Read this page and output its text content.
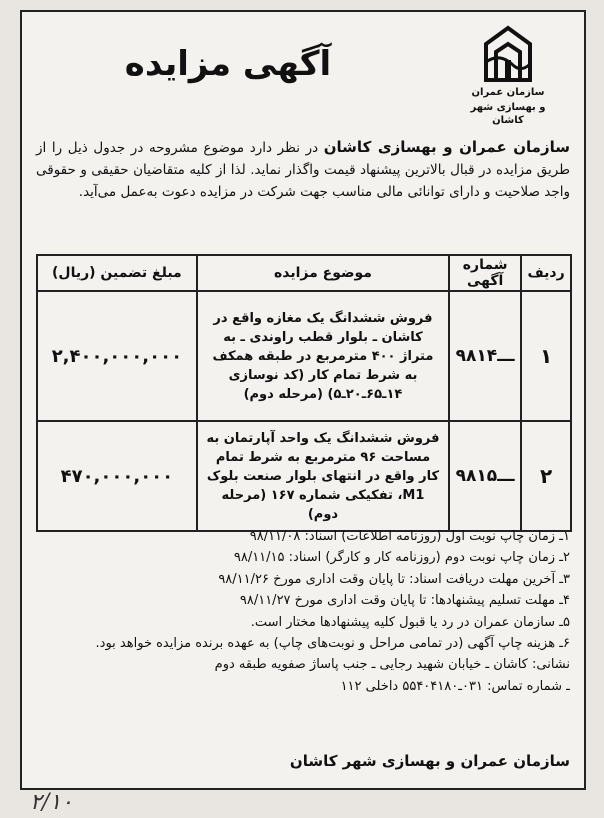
سازمان عمران
و بهسازی شهر کاشان
آگهی مزایده
سازمان عمران و بهسازی کاشان در نظر دارد موضوع مشروحه در جدول ذیل را از طریق مزایده در قبال بالاترین پیشنهاد قیمت واگذار نماید. لذا از کلیه متقاضیان حقیقی و حقوقی واجد صلاحیت و دارای توانائی مالی مناسب جهت شرکت در مزایده دعوت به‌عمل می‌آید.
ردیف	شماره آگهی	موضوع مزایده	مبلغ تضمین (ریال)
۱	۹۸ـــ۱۴	فروش ششدانگ یک مغازه واقع در کاشان ـ بلوار قطب راوندی ـ به متراژ ۴۰۰ مترمربع در طبقه همکف به شرط تمام کار (کد نوسازی ۱۴ـ۶۵ـ۲۰ـ۵) (مرحله دوم)	۲,۴۰۰,۰۰۰,۰۰۰
۲	۹۸ـــ۱۵	فروش ششدانگ یک واحد آپارتمان به مساحت ۹۶ مترمربع به شرط تمام کار واقع در انتهای بلوار صنعت بلوک M1، تفکیکی شماره ۱۶۷ (مرحله دوم)	۴۷۰,۰۰۰,۰۰۰
۱ـ زمان چاپ نوبت اول (روزنامه اطلاعات) اسناد: ۹۸/۱۱/۰۸
۲ـ زمان چاپ نوبت دوم (روزنامه کار و کارگر) اسناد: ۹۸/۱۱/۱۵
۳ـ آخرین مهلت دریافت اسناد: تا پایان وقت اداری مورخ ۹۸/۱۱/۲۶
۴ـ مهلت تسلیم پیشنهادها: تا پایان وقت اداری مورخ ۹۸/۱۱/۲۷
۵ـ سازمان عمران در رد یا قبول کلیه پیشنهادها مختار است.
۶ـ هزینه چاپ آگهی (در تمامی مراحل و نوبت‌های چاپ) به عهده برنده مزایده خواهد بود.
نشانی: کاشان ـ خیابان شهید رجایی ـ جنب پاساژ صفویه طبقه دوم
ـ شماره تماس: ۰۳۱ـ۵۵۴۰۴۱۸۰ داخلی ۱۱۲
سازمان عمران و بهسازی شهر کاشان
۲/۱۰
